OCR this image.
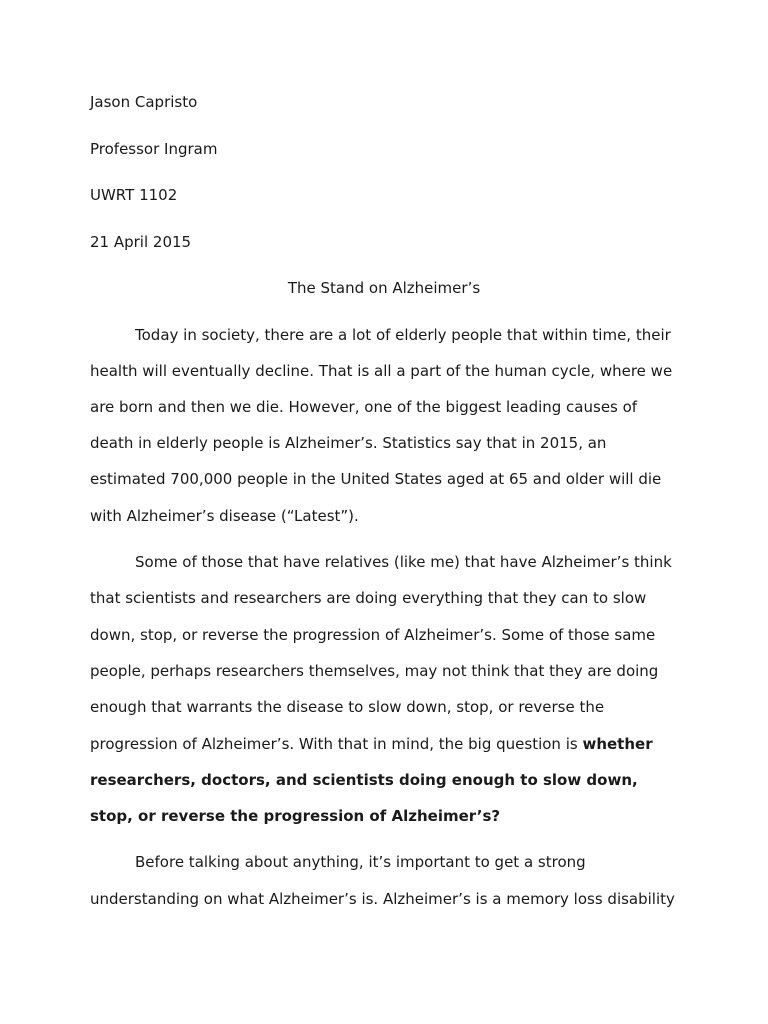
Jason Capristo
Professor Ingram
UWRT 1102
21 April 2015
The Stand on Alzheimer’s
Today in society, there are a lot of elderly people that within time, their
health will eventually decline. That is all a part of the human cycle, where we
are born and then we die. However, one of the biggest leading causes of
death in elderly people is Alzheimer’s. Statistics say that in 2015, an
estimated 700,000 people in the United States aged at 65 and older will die
with Alzheimer’s disease (“Latest”).
Some of those that have relatives (like me) that have Alzheimer’s think
that scientists and researchers are doing everything that they can to slow
down, stop, or reverse the progression of Alzheimer’s. Some of those same
people, perhaps researchers themselves, may not think that they are doing
enough that warrants the disease to slow down, stop, or reverse the
progression of Alzheimer’s. With that in mind, the big question is whether
researchers, doctors, and scientists doing enough to slow down,
stop, or reverse the progression of Alzheimer’s?
Before talking about anything, it’s important to get a strong
understanding on what Alzheimer’s is. Alzheimer’s is a memory loss disability
